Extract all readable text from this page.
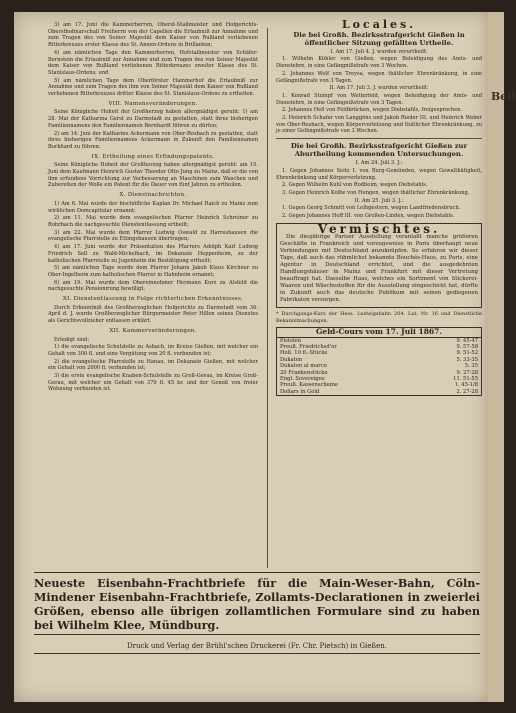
3) am 17. Juni die Kammerherren, Oberst-Stallmeister und Hofgerichts-Obersthofmarschall Freiherrn von der Capellen die Erlaubniß zur Annahme und zum Tragen des von Seiner Majestät dem Kaiser von Rußland verliehenen Ritterkreuzes erster Klasse des St. Annen-Ordens in Brillanten;

4) am nämlichen Tage den Kammerherren, Hofstallmeister von Schäfer-Bernstein die Erlaubniß zur Annahme und zum Tragen des von Seiner Majestät dem Kaiser von Rußland verliehenen Ritterkreuzes zweiter Klasse des St. Stanislaus-Ordens; und

5) am nämlichen Tage dem Oberförster Hammerhof die Erlaubniß zur Annahme und zum Tragen des ihm von Seiner Majestät dem Kaiser von Rußland verliehenen Ritterkreuzes dritter Klasse des St. Stanislaus-Ordens zu ertheilen.

VIII. Namensveränderungen.

Seine Königliche Hoheit der Großherzog haben allergnädigst geruht: 1) am 28. Mai der Katharina Gerst zu Darmstadt zu gestatten, statt ihres bisherigen Familiennamens den Familiennamen Bernhardt führen zu dürfen;

2) am 14. Juni der Katharine Ackermann von Ober-Rosbach zu gestatten, statt ihres bisherigen Familiennamens Ackermann in Zukunft den Familiennamen Burkhard zu führen.

IX. Ertheilung eines Erfindungspatents.

Seine Königliche Hoheit der Großherzog haben allergnädigst geruht: am 15. Juni dem Kaufmann Heinrich Gustav Theodor Otto Jung zu Mainz, daß er die von ihm erfundene Vorrichtung zur Verbesserung an Maschinen zum Waschen und Zubereiten der Wolle ein Patent für die Dauer von fünf Jahren zu ertheilen.

X. Dienstnachrichten.

1) Am 6. Mai wurde der bischöfliche Kaplan Dr. Michael Raich zu Mainz zum wirklichen Domcapitular ernannt;

2) am 11. Mai wurde dem evangelischen Pfarrer Heinrich Schreiner zu Rohrbach die nachgesuchte Dienstentlassung ertheilt;

3) am 22. Mai wurde dem Pfarrer Ludwig Oswald zu Harreshausen die evangelische Pfarrstelle zu Ettingshausen übertragen;

4) am 17. Juni wurde der Präsentation des Pfarrers Adolph Karl Ludwig Friedrich Sell zu Wald-Michelbach, im Dekanate Heppenheim, zu der katholischen Pfarrstelle zu Jugenheim die Bestätigung ertheilt;

5) am nämlichen Tage wurde dem Pfarrer Johann Jakob Klaus Kirchner zu Ober-Ingelheim zum katholischen Pfarrer in Hahnheim ernannt;

6) am 19. Mai wurde dem Obereinnehmer Hermann Kurz zu Alsfeld die nachgesuchte Pensionirung bewilligt.

XI. Dienstentlassung in Folge richterlichen Erkenntnisses.

Durch Erkenntniß des Großherzoglichen Hofgerichts zu Darmstadt vom 30. April d. J. wurde Großherzoglicher Bürgermeister Peter Hillen seines Dienstes als Gerichtsvollzieher entlassen erklärt.

XII. Kammerveränderungen.

Erledigt sind:

1) die evangelische Schulstelle zu Asbach, im Kreise Gießen, mit welcher ein Gehalt von 300 fl. und eine Vergütung von 20 fl. verbunden ist;

2) die evangelische Pfarrstelle zu Hanau, im Dekanate Gießen, mit welcher ein Gehalt von 2000 fl. verbunden ist;

3) die erste evangelische Knaben-Schulstelle zu Groß-Gerau, im Kreise Groß-Gerau, mit welcher ein Gehalt von 379 fl. 45 kr. und der Genuß von freier Wohnung verbunden ist.

Locales.
Die bei Großh. Bezirksstrafgericht Gießen in öffentlicher Sitzung gefällten Urtheile.
I. Am 17. Juli 4. J. wurden verurtheilt:

1. Wilhelm Kühler von Gießen, wegen Beleidigung des Amts- und Dienstehre, in eine Gefängnißstrafe von 3 Wochen.

2. Johannes Wolf von Treysa, wegen thätlicher Ehrenkränkung, in eine Gefängnißstrafe von 3 Tagen.

II. Am 17. Juli 3. J. wurden verurtheilt:

1. Konrad Stumpf von Wetterfeld, wegen Beleidigung der Amts- und Dienstehre, in eine Gefängnißstrafe von 3 Tagen.

2. Johannes Hefl von Feldkrücken, wegen Diebstahls, freigesprochen.

3. Heinrich Schafer von Langgöns und Jakob Rieder III. und Heinrich Weber von Ober-Rosbach, wegen Körperverletzung und thätlicher Ehrenkränkung, zu je einer Gefängnißstrafe von 3 Wochen.

Die bei Großh. Bezirksstrafgericht Gießen zur Aburtheilung kommenden Untersuchungen.
I. Am 24. Juli 3. J.:

1. Gegen Johannes Seitz I. von Burg-Gemünden, wegen Gewalthätigkeit, Ehrenkränkung und Körperverletzung.

2. Gegen Wilhelm Kuhl von Rodheim, wegen Diebstahls.

3. Gegen Heinrich Kolbe von Hungen, wegen thätlicher Ehrenkränkung.

II. Am 25. Juli 3. J.:

1. Gegen Georg Schmitt von Leihgestern, wegen Landfriedensbruch.

2. Gegen Johannes Hoff III. von Großen-Linden, wegen Diebstahls.

Vermischtes.

Die diesjährige Pariser Ausstellung veranlaßt manche größeren Geschäfte in Frankreich und vorzugsweise in Paris überhaupt neue Verbindungen mit Deutschland anzuknüpfen. So erfahren wir dieser Tage, daß auch das rühmlichst bekannte Bouchés-Haus, zu Paris, eine Agentur in Deutschland errichtet, und die ausgedehnten Handlungshäuser in Mainz und Frankfurt mit dieser Vertretung beauftragt hat. Dasselbe Haus, welches ein Sortiment von Stickerei-Waaren und Wäschestoffen für die Ausstellung eingeschickt hat, dürfte in Zukunft auch das deutsche Publikum mit seinen gediegenen Fabrikaten versorgen.

* Durchgangs-Kurs der Hess. Ludwigsbahn 204. Lat. Nr. 16 und Dienstliche Bekanntmachungen.
Geld-Cours vom 17. Juli 1867.
Pistolen	9. 45-47
Preuß. Friedrichsd'or	9. 57-58
Holl. 10 fl.-Stücke	9. 51-52
Dukaten	5. 33-35
Dukaten al marco	5. 35
20 Frankenstücke	9. 27-28
Engl. Sovereigns	11. 51-55
Preuß. Kassenscheine	1. 45-1/8
Dollars in Gold	2. 27-28
Neueste Eisenbahn-Frachtbriefe für die Main-Weser-Bahn, Cöln-Mindener Eisenbahn-Frachtbriefe, Zollamts-Declarationen in zweierlei Größen, ebenso alle übrigen zollamtlichen Formulare sind zu haben bei Wilhelm Klee, Mündburg.
Druck und Verlag der Brühl'schen Druckerei (Fr. Chr. Pietsch) in Gießen.
Beil
